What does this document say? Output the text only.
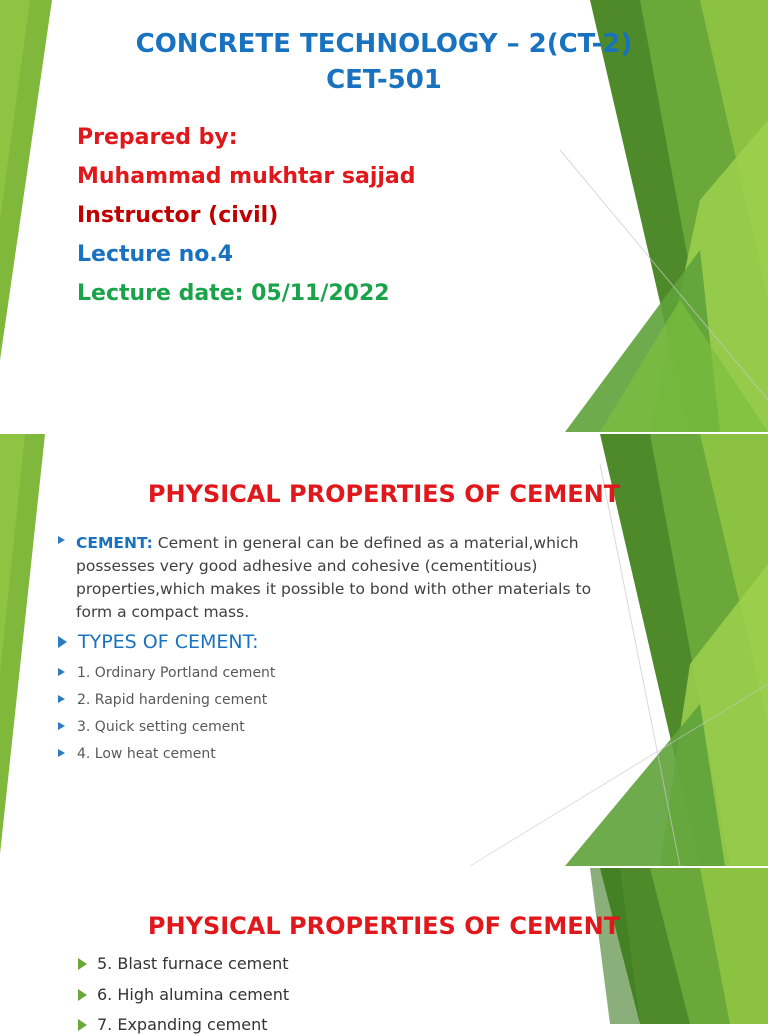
CONCRETE TECHNOLOGY – 2(CT-2)
CET-501
Prepared by:
Muhammad mukhtar sajjad
Instructor (civil)
Lecture no.4
Lecture date: 05/11/2022
PHYSICAL PROPERTIES OF CEMENT
CEMENT: Cement in general can be defined as a material,which
possesses very good adhesive and cohesive (cementitious)
properties,which makes it possible to bond with other materials to
form a compact mass.
TYPES OF CEMENT:
1. Ordinary Portland cement
2. Rapid hardening cement
3. Quick setting cement
4. Low heat cement
PHYSICAL PROPERTIES OF CEMENT
5. Blast furnace cement
6. High alumina cement
7. Expanding cement
